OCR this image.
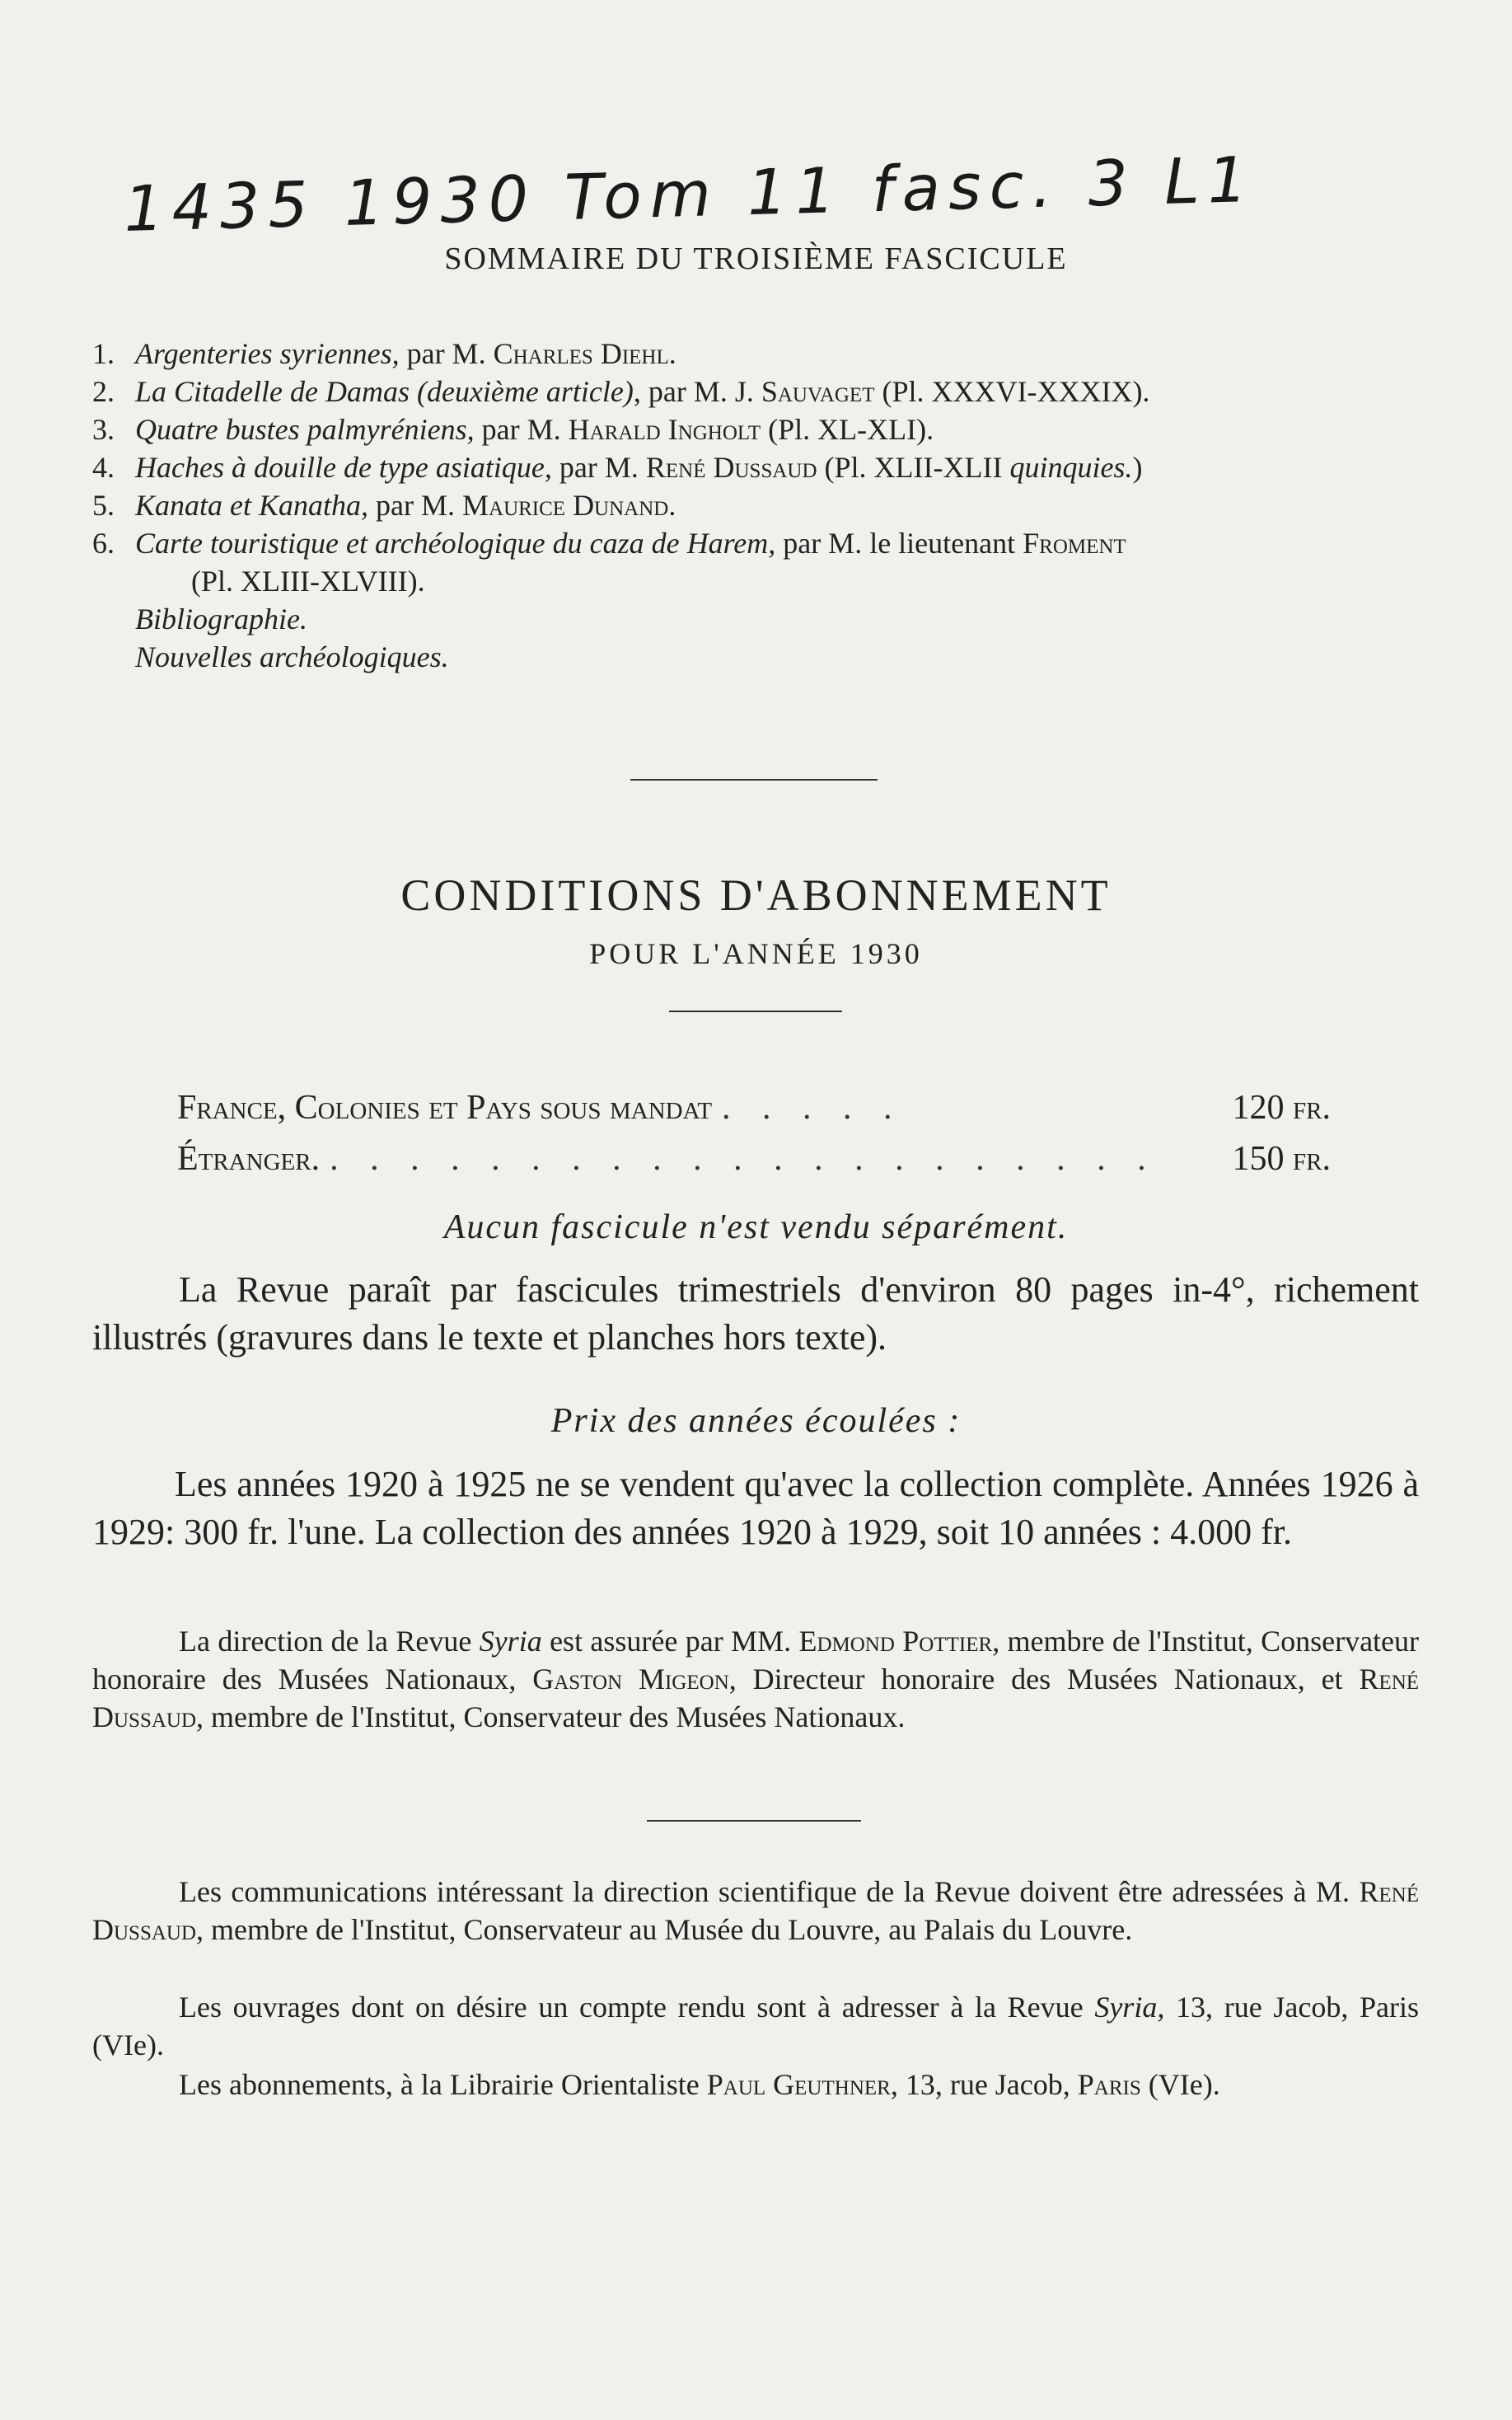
1435 1930 Tom 11 fasc. 3 L1
SOMMAIRE DU TROISIÈME FASCICULE
1. Argenteries syriennes, par M. Charles Diehl.
2. La Citadelle de Damas (deuxième article), par M. J. Sauvaget (Pl. XXXVI-XXXIX).
3. Quatre bustes palmyréniens, par M. Harald Ingholt (Pl. XL-XLI).
4. Haches à douille de type asiatique, par M. René Dussaud (Pl. XLII-XLII quinquies.)
5. Kanata et Kanatha, par M. Maurice Dunand.
6. Carte touristique et archéologique du caza de Harem, par M. le lieutenant Froment
(Pl. XLIII-XLVIII).
Bibliographie.
Nouvelles archéologiques.
CONDITIONS D'ABONNEMENT
POUR L'ANNÉE 1930
France, Colonies et Pays sous mandat . . . . .	120 fr.
Étranger. . . . . . . . . . . . . . . . . . . . . .	150 fr.
Aucun fascicule n'est vendu séparément.
La Revue paraît par fascicules trimestriels d'environ 80 pages in-4°, richement illustrés (gravures dans le texte et planches hors texte).
Prix des années écoulées :
Les années 1920 à 1925 ne se vendent qu'avec la collection complète. Années 1926 à 1929: 300 fr. l'une. La collection des années 1920 à 1929, soit 10 années : 4.000 fr.
La direction de la Revue Syria est assurée par MM. Edmond Pottier, membre de l'Institut, Conservateur honoraire des Musées Nationaux, Gaston Migeon, Directeur honoraire des Musées Nationaux, et René Dussaud, membre de l'Institut, Conservateur des Musées Nationaux.
Les communications intéressant la direction scientifique de la Revue doivent être adressées à M. René Dussaud, membre de l'Institut, Conservateur au Musée du Louvre, au Palais du Louvre.
Les ouvrages dont on désire un compte rendu sont à adresser à la Revue Syria, 13, rue Jacob, Paris (VIe).
Les abonnements, à la Librairie Orientaliste Paul Geuthner, 13, rue Jacob, Paris (VIe).
